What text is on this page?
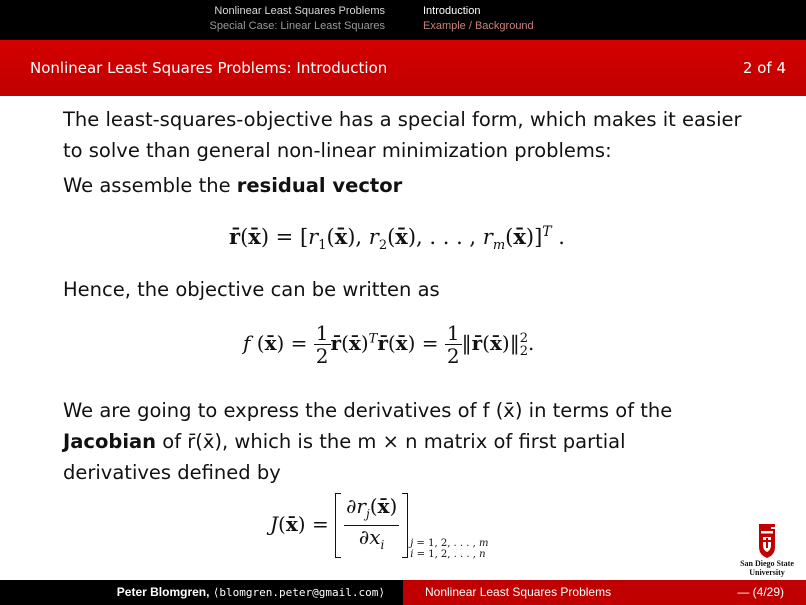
Nonlinear Least Squares Problems
Special Case: Linear Least Squares
Introduction
Example / Background
Nonlinear Least Squares Problems: Introduction	2 of 4

The least-squares-objective has a special form, which makes it easier to solve than general non-linear minimization problems:

We assemble the residual vector

r̄(x̄) = [$r_1(x̄)$, $r_2(x̄)$, . . . , $r_m(x̄)]^T$ .

Hence, the objective can be written as

f (x̄) = $\frac{1}{2}$ r̄(x̄)$^T$r̄(x̄) = $\frac{1}{2}$ ‖r̄(x̄)‖2
2.

We are going to express the derivatives of f (x̄) in terms of the

Jacobian of r̄(x̄), which is the m × n matrix of first partial

derivatives defined by

J(x̄) = $\frac{\partial r_j(x̄)}{\partial x_i}$ j = 1, 2, . . . , m
i = 1, 2, . . . , n
San Diego State
University
Peter Blomgren, ⟨blomgren.peter@gmail.com⟩	Nonlinear Least Squares Problems	— (4/29)
